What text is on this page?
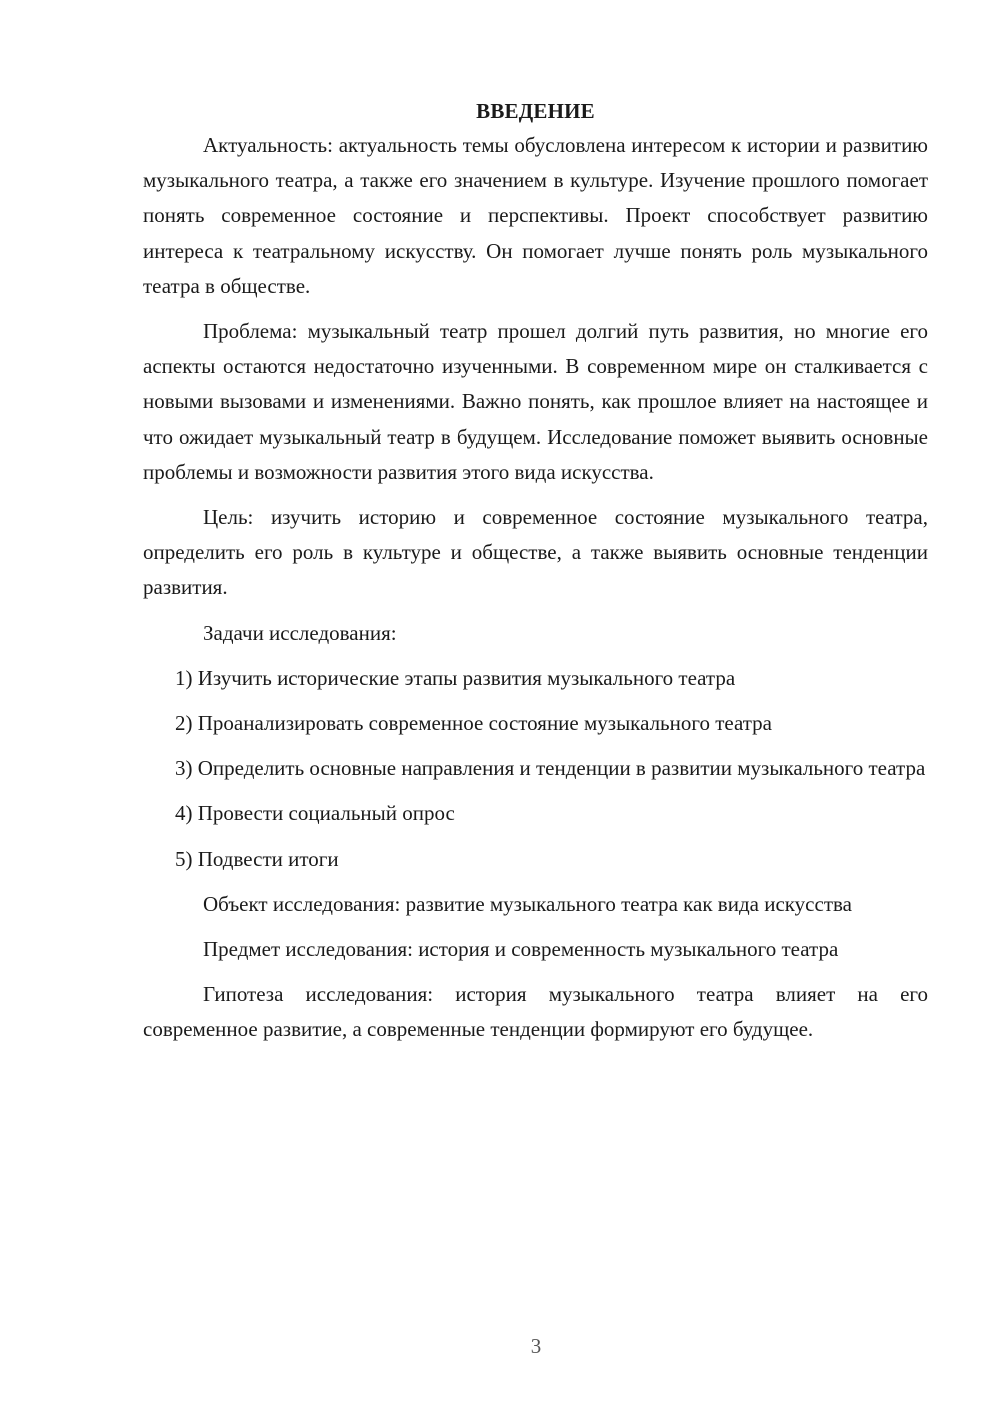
ВВЕДЕНИЕ

Актуальность: актуальность темы обусловлена интересом к истории и развитию музыкального театра, а также его значением в культуре. Изучение прошлого помогает понять современное состояние и перспективы. Проект способствует развитию интереса к театральному искусству. Он помогает лучше понять роль музыкального театра в обществе.

Проблема: музыкальный театр прошел долгий путь развития, но многие его аспекты остаются недостаточно изученными. В современном мире он сталкивается с новыми вызовами и изменениями. Важно понять, как прошлое влияет на настоящее и что ожидает музыкальный театр в будущем. Исследование поможет выявить основные проблемы и возможности развития этого вида искусства.

Цель: изучить историю и современное состояние музыкального театра, определить его роль в культуре и обществе, а также выявить основные тенденции развития.

Задачи исследования:

1) Изучить исторические этапы развития музыкального театра

2) Проанализировать современное состояние музыкального театра

3) Определить основные направления и тенденции в развитии музыкального театра

4) Провести социальный опрос

5) Подвести итоги

Объект исследования: развитие музыкального театра как вида искусства

Предмет исследования: история и современность музыкального театра

Гипотеза исследования: история музыкального театра влияет на его современное развитие, а современные тенденции формируют его будущее.

3
